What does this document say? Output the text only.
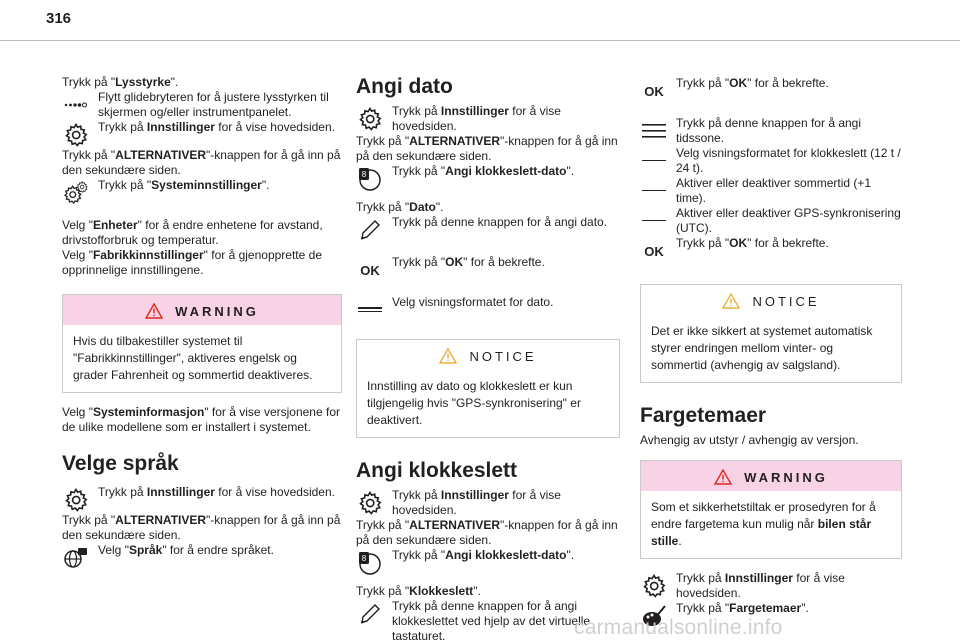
316

Trykk på "Lysstyrke".

Flytt glidebryteren for å justere lysstyrken til skjermen og/eller instrumentpanelet.

Trykk på Innstillinger for å vise hovedsiden.

Trykk på "ALTERNATIVER"-knappen for å gå inn på den sekundære siden.

Trykk på "Systeminnstillinger".

Velg "Enheter" for å endre enhetene for avstand, drivstofforbruk og temperatur.

Velg "Fabrikkinnstillinger" for å gjenopprette de opprinnelige innstillingene.

WARNING
Hvis du tilbakestiller systemet til "Fabrikkinnstillinger", aktiveres engelsk og grader Fahrenheit og sommertid deaktiveres.

Velg "Systeminformasjon" for å vise versjonene for de ulike modellene som er installert i systemet.

Velge språk

Trykk på Innstillinger for å vise hovedsiden.

Trykk på "ALTERNATIVER"-knappen for å gå inn på den sekundære siden.

Velg "Språk" for å endre språket.

Angi dato

Trykk på Innstillinger for å vise hovedsiden.

Trykk på "ALTERNATIVER"-knappen for å gå inn på den sekundære siden.

8	Trykk på "Angi klokkeslett-dato".

Trykk på "Dato".

Trykk på denne knappen for å angi dato.

OK

Trykk på "OK" for å bekrefte.

Velg visningsformatet for dato.

NOTICE
Innstilling av dato og klokkeslett er kun tilgjengelig hvis "GPS-synkronisering" er deaktivert.
Angi klokkeslett

Trykk på Innstillinger for å vise hovedsiden.

Trykk på "ALTERNATIVER"-knappen for å gå inn på den sekundære siden.

8	Trykk på "Angi klokkeslett-dato".

Trykk på "Klokkeslett".

Trykk på denne knappen for å angi klokkeslettet ved hjelp av det virtuelle tastaturet.

OK

Trykk på "OK" for å bekrefte.

Trykk på denne knappen for å angi tidssone.

Velg visningsformatet for klokkeslett (12 t / 24 t).

Aktiver eller deaktiver sommertid (+1 time).

Aktiver eller deaktiver GPS-synkronisering (UTC).

OK

Trykk på "OK" for å bekrefte.

NOTICE
Det er ikke sikkert at systemet automatisk styrer endringen mellom vinter- og sommertid (avhengig av salgsland).
Fargetemaer

Avhengig av utstyr / avhengig av versjon.

WARNING
Som et sikkerhetstiltak er prosedyren for å endre fargetema kun mulig når bilen står stille.

Trykk på Innstillinger for å vise hovedsiden.

Trykk på "Fargetemaer".

carmanualsonline.info
